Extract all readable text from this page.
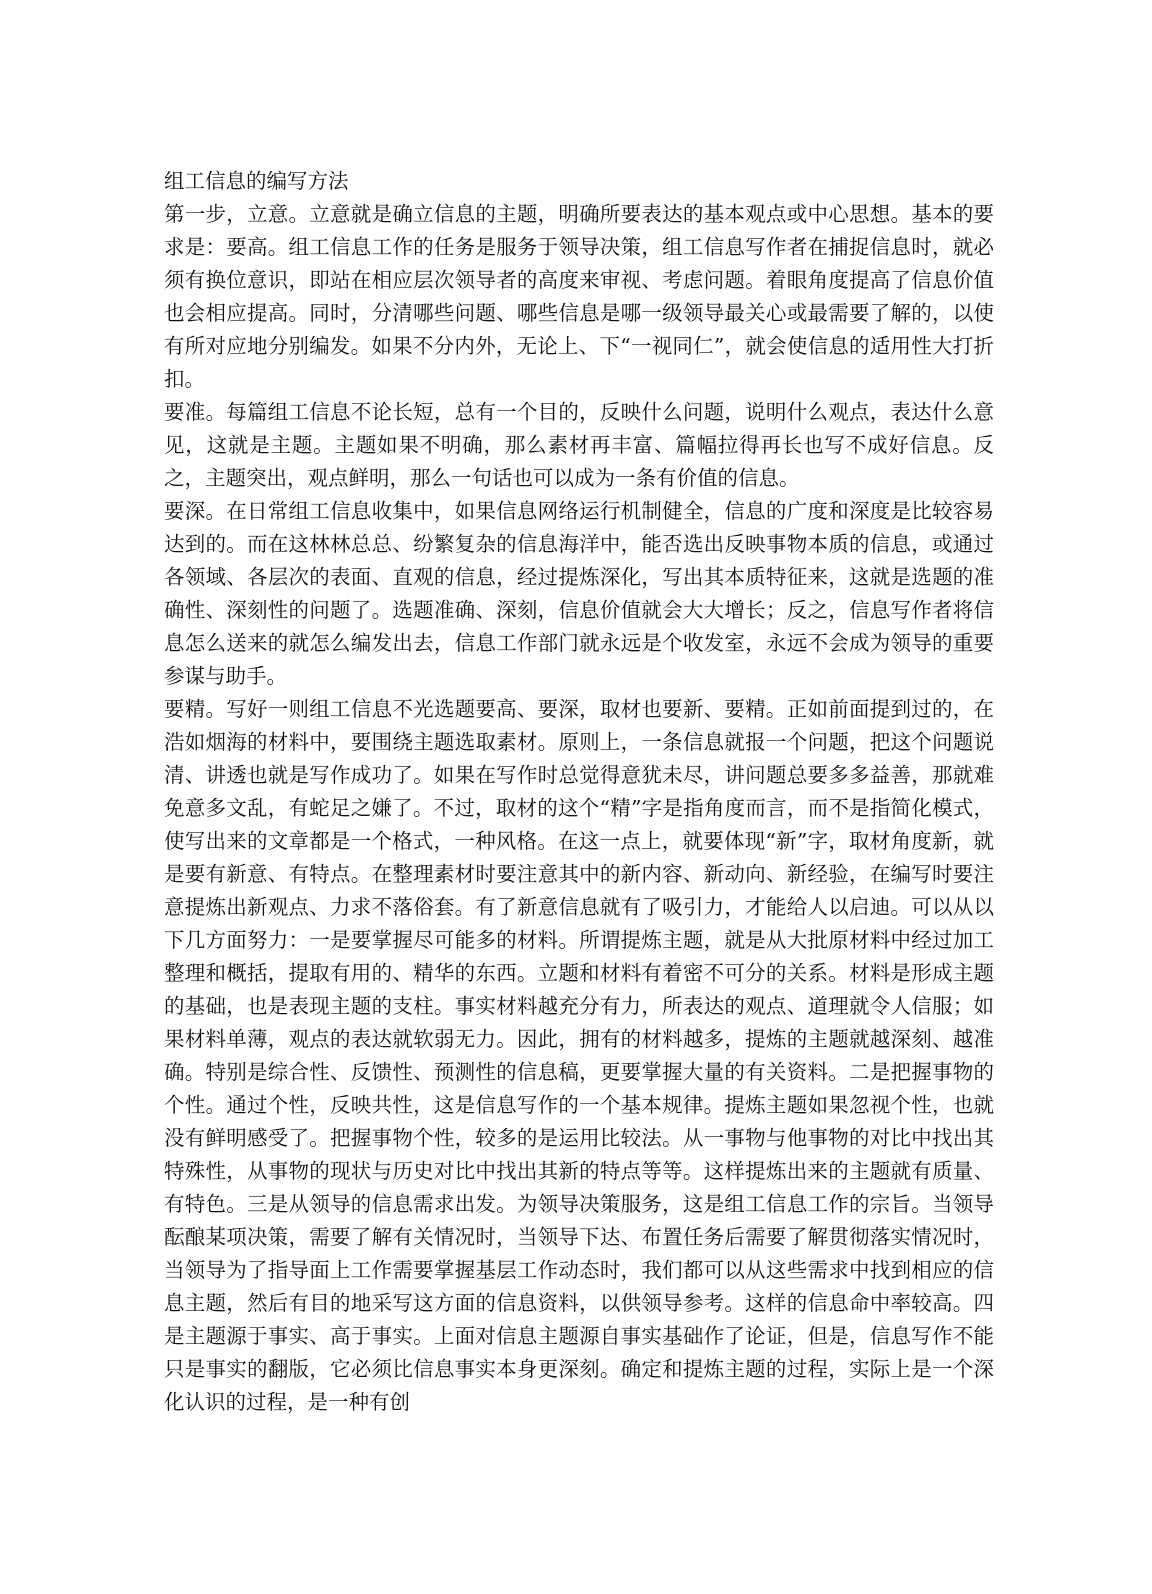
组工信息的编写方法

第一步，立意。立意就是确立信息的主题，明确所要表达的基本观点或中心思想。基本的要求是：要高。组工信息工作的任务是服务于领导决策，组工信息写作者在捕捉信息时，就必须有换位意识，即站在相应层次领导者的高度来审视、考虑问题。着眼角度提高了信息价值也会相应提高。同时，分清哪些问题、哪些信息是哪一级领导最关心或最需要了解的，以使有所对应地分别编发。如果不分内外，无论上、下“一视同仁”，就会使信息的适用性大打折扣。

要准。每篇组工信息不论长短，总有一个目的，反映什么问题，说明什么观点，表达什么意见，这就是主题。主题如果不明确，那么素材再丰富、篇幅拉得再长也写不成好信息。反之，主题突出，观点鲜明，那么一句话也可以成为一条有价值的信息。

要深。在日常组工信息收集中，如果信息网络运行机制健全，信息的广度和深度是比较容易达到的。而在这林林总总、纷繁复杂的信息海洋中，能否选出反映事物本质的信息，或通过各领域、各层次的表面、直观的信息，经过提炼深化，写出其本质特征来，这就是选题的准确性、深刻性的问题了。选题准确、深刻，信息价值就会大大增长；反之，信息写作者将信息怎么送来的就怎么编发出去，信息工作部门就永远是个收发室，永远不会成为领导的重要参谋与助手。

要精。写好一则组工信息不光选题要高、要深，取材也要新、要精。正如前面提到过的，在浩如烟海的材料中，要围绕主题选取素材。原则上，一条信息就报一个问题，把这个问题说清、讲透也就是写作成功了。如果在写作时总觉得意犹未尽，讲问题总要多多益善，那就难免意多文乱，有蛇足之嫌了。不过，取材的这个“精”字是指角度而言，而不是指简化模式，使写出来的文章都是一个格式，一种风格。在这一点上，就要体现“新”字，取材角度新，就是要有新意、有特点。在整理素材时要注意其中的新内容、新动向、新经验，在编写时要注意提炼出新观点、力求不落俗套。有了新意信息就有了吸引力，才能给人以启迪。可以从以下几方面努力：一是要掌握尽可能多的材料。所谓提炼主题，就是从大批原材料中经过加工整理和概括，提取有用的、精华的东西。立题和材料有着密不可分的关系。材料是形成主题的基础，也是表现主题的支柱。事实材料越充分有力，所表达的观点、道理就令人信服；如果材料单薄，观点的表达就软弱无力。因此，拥有的材料越多，提炼的主题就越深刻、越准确。特别是综合性、反馈性、预测性的信息稿，更要掌握大量的有关资料。二是把握事物的个性。通过个性，反映共性，这是信息写作的一个基本规律。提炼主题如果忽视个性，也就没有鲜明感受了。把握事物个性，较多的是运用比较法。从一事物与他事物的对比中找出其特殊性，从事物的现状与历史对比中找出其新的特点等等。这样提炼出来的主题就有质量、有特色。三是从领导的信息需求出发。为领导决策服务，这是组工信息工作的宗旨。当领导酝酿某项决策，需要了解有关情况时，当领导下达、布置任务后需要了解贯彻落实情况时，当领导为了指导面上工作需要掌握基层工作动态时，我们都可以从这些需求中找到相应的信息主题，然后有目的地采写这方面的信息资料，以供领导参考。这样的信息命中率较高。四是主题源于事实、高于事实。上面对信息主题源自事实基础作了论证，但是，信息写作不能只是事实的翻版，它必须比信息事实本身更深刻。确定和提炼主题的过程，实际上是一个深化认识的过程，是一种有创
